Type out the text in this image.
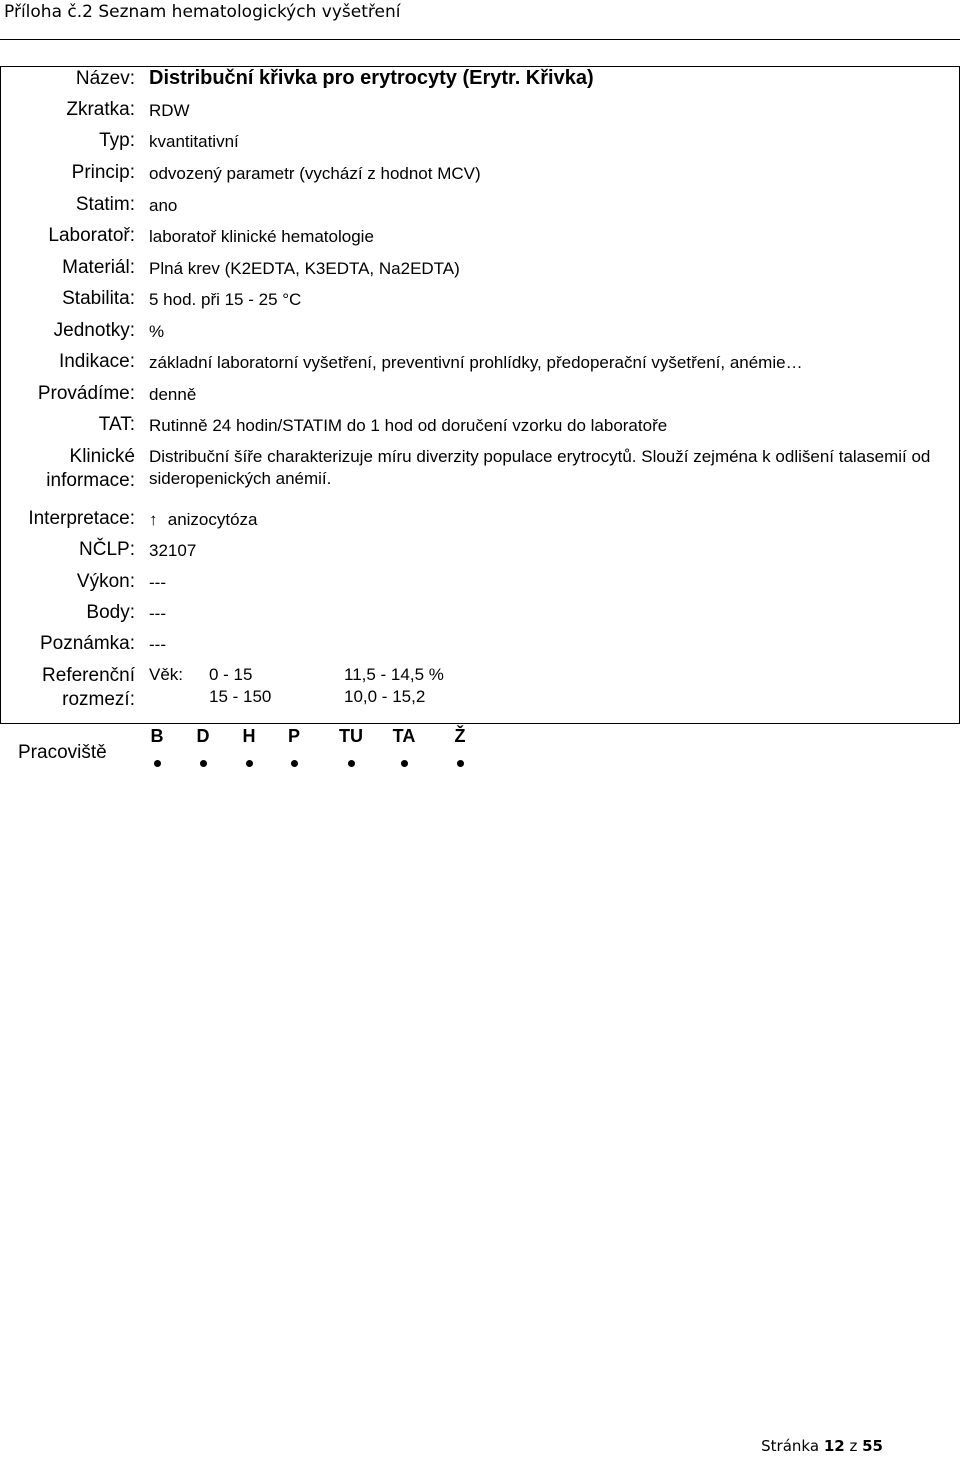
Příloha č.2 Seznam hematologických vyšetření
Název: Distribuční křivka pro erytrocyty (Erytr. Křivka)
Zkratka: RDW
Typ: kvantitativní
Princip: odvozený parametr (vychází z hodnot MCV)
Statim: ano
Laboratoř: laboratoř klinické hematologie
Materiál: Plná krev (K2EDTA, K3EDTA, Na2EDTA)
Stabilita: 5 hod. při 15 - 25 °C
Jednotky: %
Indikace: základní laboratorní vyšetření, preventivní prohlídky, předoperační vyšetření, anémie…
Provádíme: denně
TAT: Rutinně 24 hodin/STATIM do 1 hod od doručení vzorku do laboratoře
Klinické
informace:
Distribuční šíře charakterizuje míru diverzity populace erytrocytů. Slouží zejména k odlišení talasemií od sideropenických anémií.
Interpretace: ↑ anizocytóza
NČLP: 32107
Výkon: ---
Body: ---
Poznámka: ---
Referenční
rozmezí:
Věk: 0 - 15	11,5 - 14,5 %
15 - 150	10,0 - 15,2
Pracoviště
B	D	H	P	TU	TA	Ž
Stránka 12 z 55
